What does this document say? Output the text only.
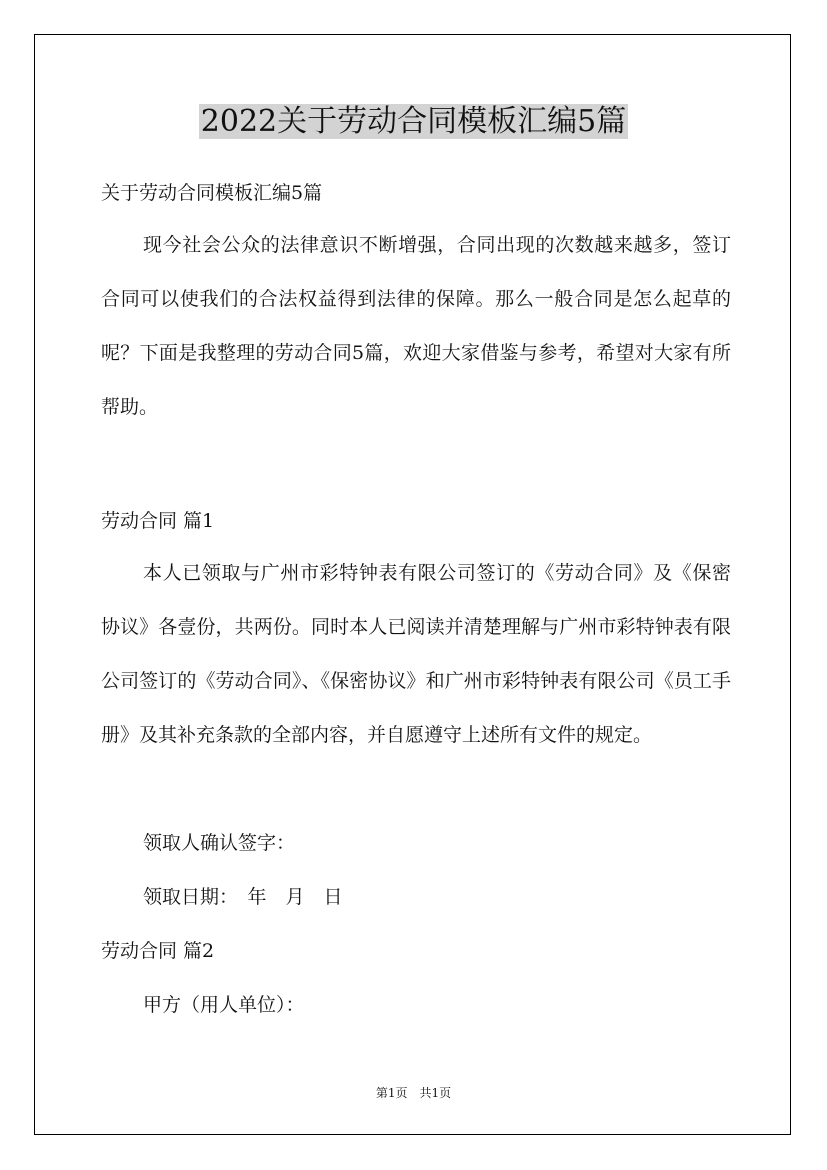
2022关于劳动合同模板汇编5篇
关于劳动合同模板汇编5篇
现今社会公众的法律意识不断增强，合同出现的次数越来越多，签订合同可以使我们的合法权益得到法律的保障。那么一般合同是怎么起草的呢？下面是我整理的劳动合同5篇，欢迎大家借鉴与参考，希望对大家有所帮助。
劳动合同 篇1
本人已领取与广州市彩特钟表有限公司签订的《劳动合同》及《保密协议》各壹份，共两份。同时本人已阅读并清楚理解与广州市彩特钟表有限公司签订的《劳动合同》、《保密协议》和广州市彩特钟表有限公司《员工手册》及其补充条款的全部内容，并自愿遵守上述所有文件的规定。
领取人确认签字：
领取日期：　年　月　日
劳动合同 篇2
甲方（用人单位）：
第1页　共1页
